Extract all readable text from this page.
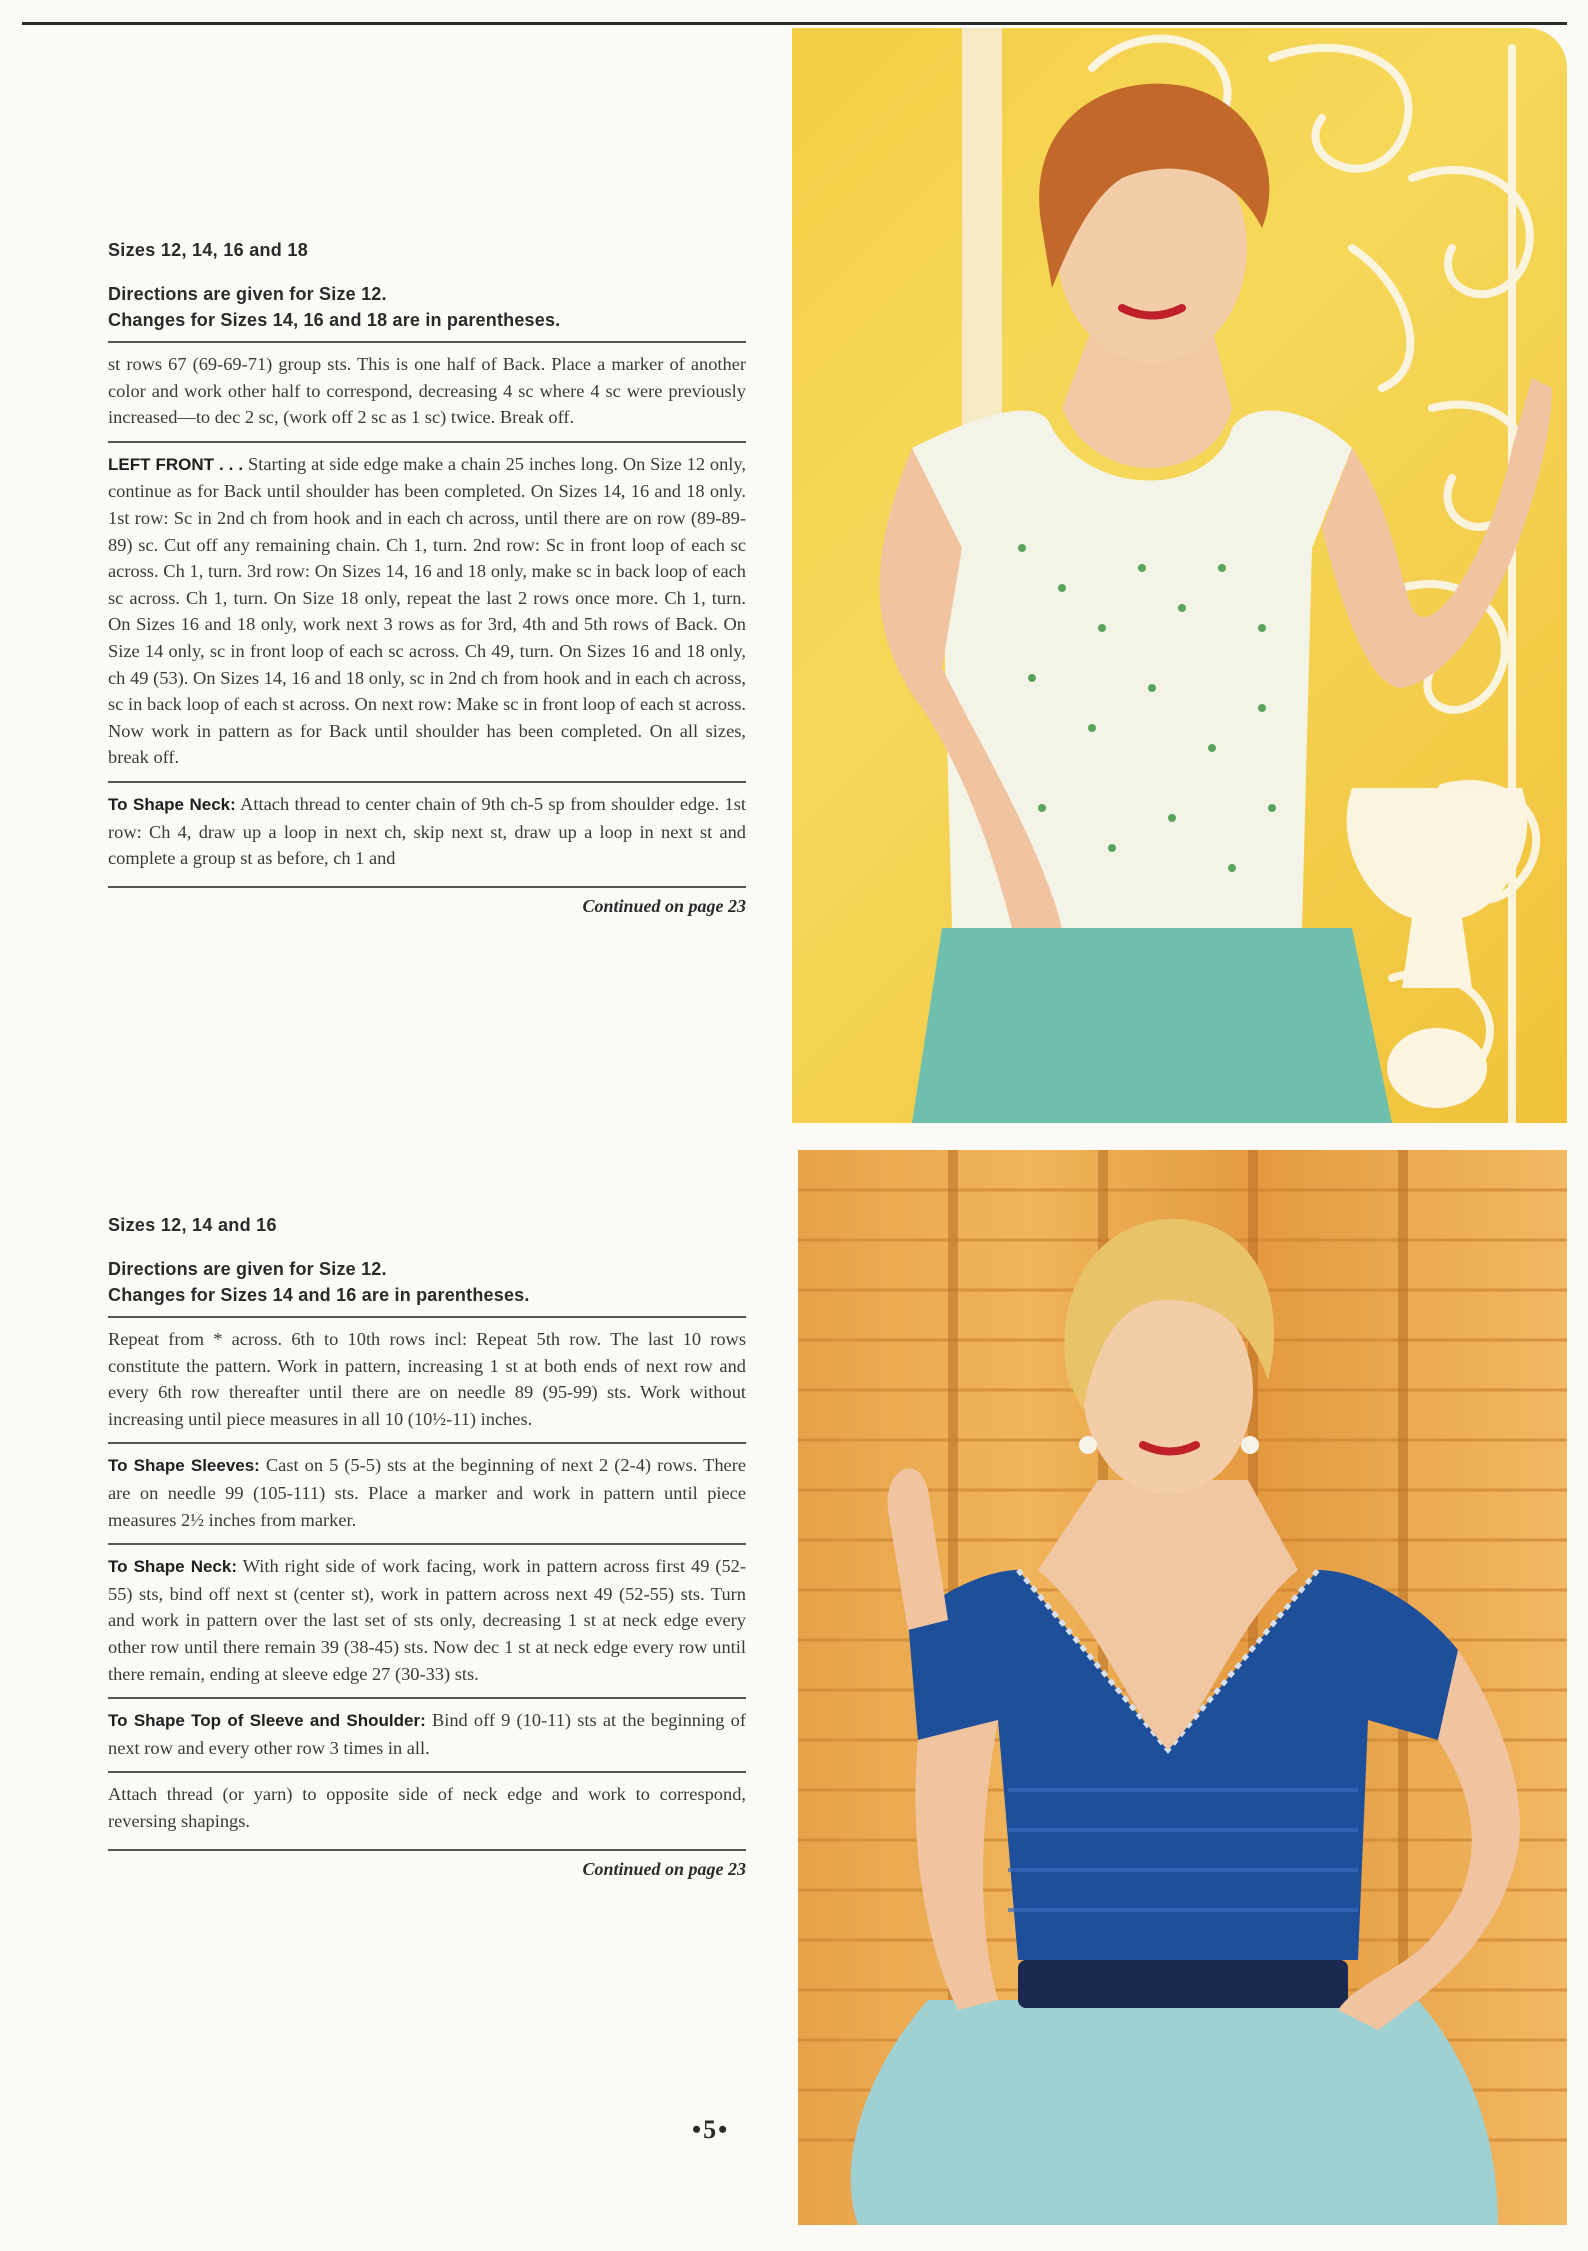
Sizes 12, 14, 16 and 18
Directions are given for Size 12.
Changes for Sizes 14, 16 and 18 are in parentheses.

st rows 67 (69-69-71) group sts. This is one half of Back. Place a marker of another color and work other half to correspond, decreasing 4 sc where 4 sc were previously increased—to dec 2 sc, (work off 2 sc as 1 sc) twice. Break off.

LEFT FRONT . . . Starting at side edge make a chain 25 inches long. On Size 12 only, continue as for Back until shoulder has been completed. On Sizes 14, 16 and 18 only. 1st row: Sc in 2nd ch from hook and in each ch across, until there are on row (89-89-89) sc. Cut off any remaining chain. Ch 1, turn. 2nd row: Sc in front loop of each sc across. Ch 1, turn. 3rd row: On Sizes 14, 16 and 18 only, make sc in back loop of each sc across. Ch 1, turn. On Size 18 only, repeat the last 2 rows once more. Ch 1, turn. On Sizes 16 and 18 only, work next 3 rows as for 3rd, 4th and 5th rows of Back. On Size 14 only, sc in front loop of each sc across. Ch 49, turn. On Sizes 16 and 18 only, ch 49 (53). On Sizes 14, 16 and 18 only, sc in 2nd ch from hook and in each ch across, sc in back loop of each st across. On next row: Make sc in front loop of each st across. Now work in pattern as for Back until shoulder has been completed. On all sizes, break off.

To Shape Neck: Attach thread to center chain of 9th ch-5 sp from shoulder edge. 1st row: Ch 4, draw up a loop in next ch, skip next st, draw up a loop in next st and complete a group st as before, ch 1 and

Continued on page 23
Sizes 12, 14 and 16
Directions are given for Size 12.
Changes for Sizes 14 and 16 are in parentheses.

Repeat from * across. 6th to 10th rows incl: Repeat 5th row. The last 10 rows constitute the pattern. Work in pattern, increasing 1 st at both ends of next row and every 6th row thereafter until there are on needle 89 (95-99) sts. Work without increasing until piece measures in all 10 (10½-11) inches.

To Shape Sleeves: Cast on 5 (5-5) sts at the beginning of next 2 (2-4) rows. There are on needle 99 (105-111) sts. Place a marker and work in pattern until piece measures 2½ inches from marker.

To Shape Neck: With right side of work facing, work in pattern across first 49 (52-55) sts, bind off next st (center st), work in pattern across next 49 (52-55) sts. Turn and work in pattern over the last set of sts only, decreasing 1 st at neck edge every other row until there remain 39 (38-45) sts. Now dec 1 st at neck edge every row until there remain, ending at sleeve edge 27 (30-33) sts.

To Shape Top of Sleeve and Shoulder: Bind off 9 (10-11) sts at the beginning of next row and every other row 3 times in all.

Attach thread (or yarn) to opposite side of neck edge and work to correspond, reversing shapings.

Continued on page 23
•5•
